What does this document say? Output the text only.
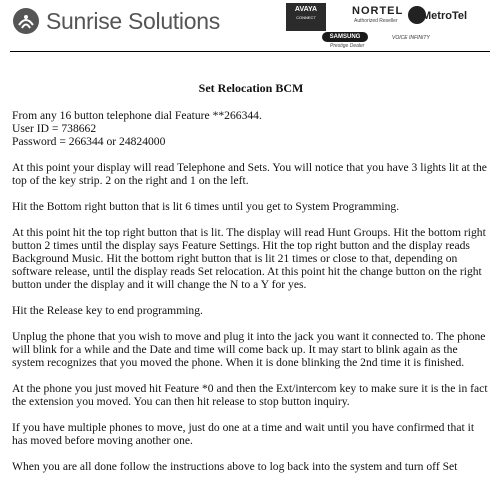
Sunrise Solutions	AVAYA
CONNECT
NORTEL
Authorized Reseller E-MetroTel
SAMSUNG
Prestige Dealer
VOICE INFINITY
Set Relocation BCM
From any 16 button telephone dial Feature **266344.
User ID = 738662
Password = 266344 or 24824000

At this point your display will read Telephone and Sets. You will notice that you have 3 lights lit at the top of the key strip. 2 on the right and 1 on the left.

Hit the Bottom right button that is lit 6 times until you get to System Programming.

At this point hit the top right button that is lit. The display will read Hunt Groups. Hit the bottom right button 2 times until the display says Feature Settings. Hit the top right button and the display reads Background Music. Hit the bottom right button that is lit 21 times or close to that, depending on software release, until the display reads Set relocation. At this point hit the change button on the right button under the display and it will change the N to a Y for yes.

Hit the Release key to end programming.

Unplug the phone that you wish to move and plug it into the jack you want it connected to. The phone will blink for a while and the Date and time will come back up. It may start to blink again as the system recognizes that you moved the phone. When it is done blinking the 2nd time it is finished.

At the phone you just moved hit Feature *0 and then the Ext/intercom key to make sure it is the in fact the extension you moved. You can then hit release to stop button inquiry.

If you have multiple phones to move, just do one at a time and wait until you have confirmed that it has moved before moving another one.

When you are all done follow the instructions above to log back into the system and turn off Set
